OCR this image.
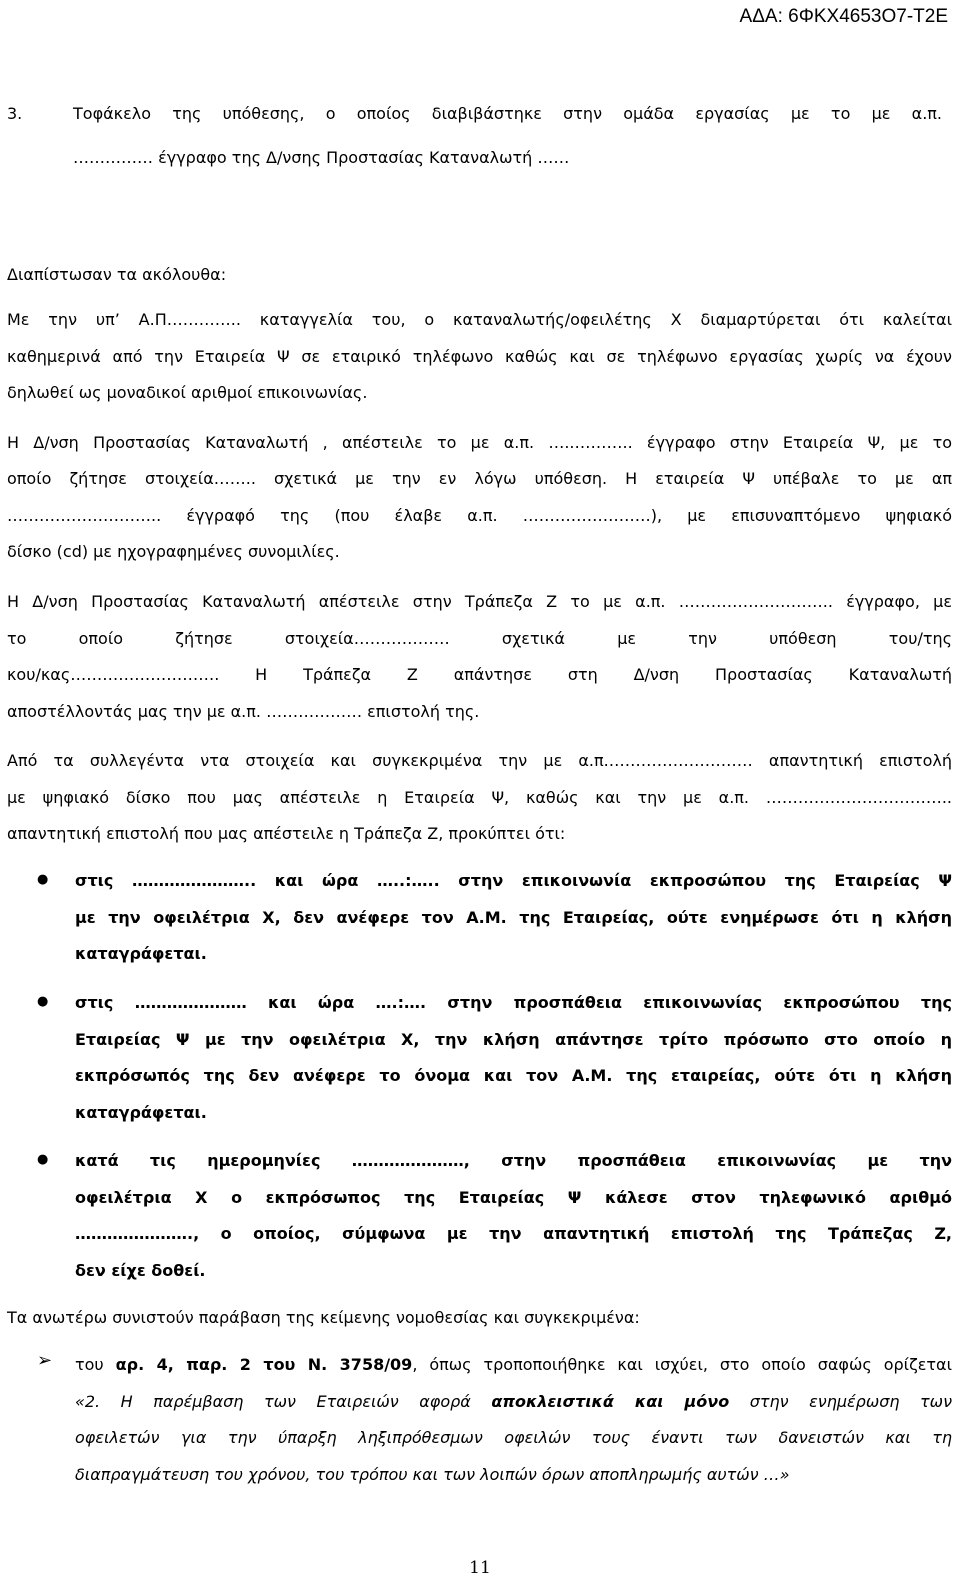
ΑΔΑ: 6ΦΚΧ4653Ο7-Τ2Ε
3.	Τοφάκελο της υπόθεσης, ο οποίος διαβιβάστηκε στην ομάδα εργασίας με το με α.π.
…………… έγγραφο της Δ/νσης Προστασίας Καταναλωτή ……
Διαπίστωσαν τα ακόλουθα:
Με την υπ’ Α.Π………….. καταγγελία του, ο καταναλωτής/οφειλέτης Χ διαμαρτύρεται ότι καλείται
καθημερινά από την Εταιρεία Ψ σε εταιρικό τηλέφωνο καθώς και σε τηλέφωνο εργασίας χωρίς να έχουν
δηλωθεί ως μοναδικοί αριθμοί επικοινωνίας.
Η Δ/νση Προστασίας Καταναλωτή , απέστειλε το με α.π. …..……….. έγγραφο στην Εταιρεία Ψ, με το
οποίο ζήτησε στοιχεία…….. σχετικά με την εν λόγω υπόθεση. Η εταιρεία Ψ υπέβαλε το με απ
……………………….. έγγραφό της (που έλαβε α.π. ……………………), με επισυναπτόμενο ψηφιακό
δίσκο (cd) με ηχογραφημένες συνομιλίες.
Η Δ/νση Προστασίας Καταναλωτή απέστειλε στην Τράπεζα Ζ το με α.π. ……………………….. έγγραφο, με
το οποίο ζήτησε στοιχεία……………… σχετικά με την υπόθεση του/της
κου/κας………………………. Η Τράπεζα Ζ απάντησε στη Δ/νση Προστασίας Καταναλωτή
αποστέλλοντάς μας την με α.π. ……………… επιστολή της.
Από τα συλλεγέντα ντα στοιχεία και συγκεκριμένα την με α.π.……………………… απαντητική επιστολή
με ψηφιακό δίσκο που μας απέστειλε η Εταιρεία Ψ, καθώς και την με α.π. ……………………………..
απαντητική επιστολή που μας απέστειλε η Τράπεζα Ζ, προκύπτει ότι:
● στις ………………….. και ώρα …..:….. στην επικοινωνία εκπροσώπου της Εταιρείας Ψ
με την οφειλέτρια Χ, δεν ανέφερε τον Α.Μ. της Εταιρείας, ούτε ενημέρωσε ότι η κλήση
καταγράφεται.
● στις ………………… και ώρα ….:…. στην προσπάθεια επικοινωνίας εκπροσώπου της
Εταιρείας Ψ με την οφειλέτρια Χ, την κλήση απάντησε τρίτο πρόσωπο στο οποίο η
εκπρόσωπός της δεν ανέφερε το όνομα και τον Α.Μ. της εταιρείας, ούτε ότι η κλήση
καταγράφεται.
● κατά τις ημερομηνίες …………………, στην προσπάθεια επικοινωνίας με την
οφειλέτρια Χ ο εκπρόσωπος της Εταιρείας Ψ κάλεσε στον τηλεφωνικό αριθμό
…………………., ο οποίος, σύμφωνα με την απαντητική επιστολή της Τράπεζας Ζ,
δεν είχε δοθεί.
Τα ανωτέρω συνιστούν παράβαση της κείμενης νομοθεσίας και συγκεκριμένα:
➢ του αρ. 4, παρ. 2 του Ν. 3758/09, όπως τροποποιήθηκε και ισχύει, στο οποίο σαφώς ορίζεται
«2. Η παρέμβαση των Εταιρειών αφορά αποκλειστικά και μόνο στην ενημέρωση των
οφειλετών για την ύπαρξη ληξιπρόθεσμων οφειλών τους έναντι των δανειστών και τη
διαπραγμάτευση του χρόνου, του τρόπου και των λοιπών όρων αποπληρωμής αυτών …»
11
